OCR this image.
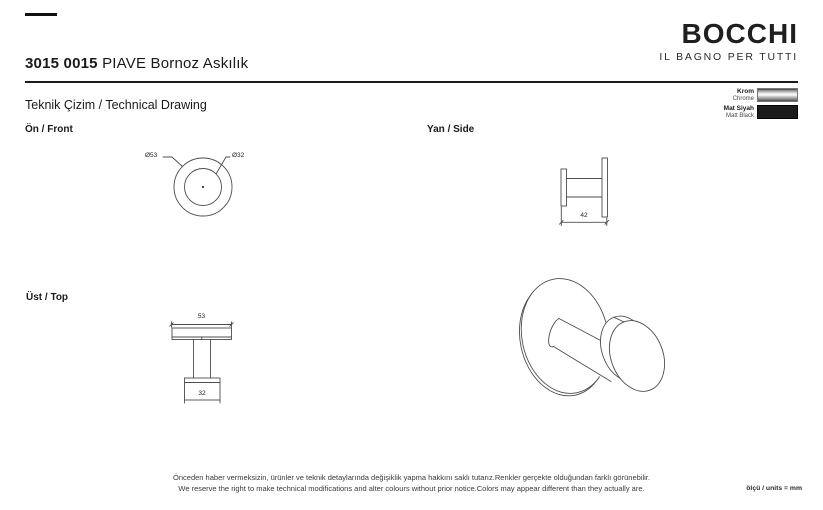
3015 0015 PIAVE Bornoz Askılık
BOCCHI
IL BAGNO PER TUTTI
Teknik Çizim / Technical Drawing
Ön / Front	Yan / Side
Üst / Top
Krom
Chrome
Mat Siyah
Matt Black
Ø53	Ø32
42
53
32
Önceden haber vermeksizin, ürünler ve teknik detaylarında değişiklik yapma hakkını saklı tutarız.Renkler gerçekte olduğundan farklı görünebilir.
We reserve the right to make technical modifications and alter colours without prior notice.Colors may appear different than they actually are.	ölçü / units = mm
